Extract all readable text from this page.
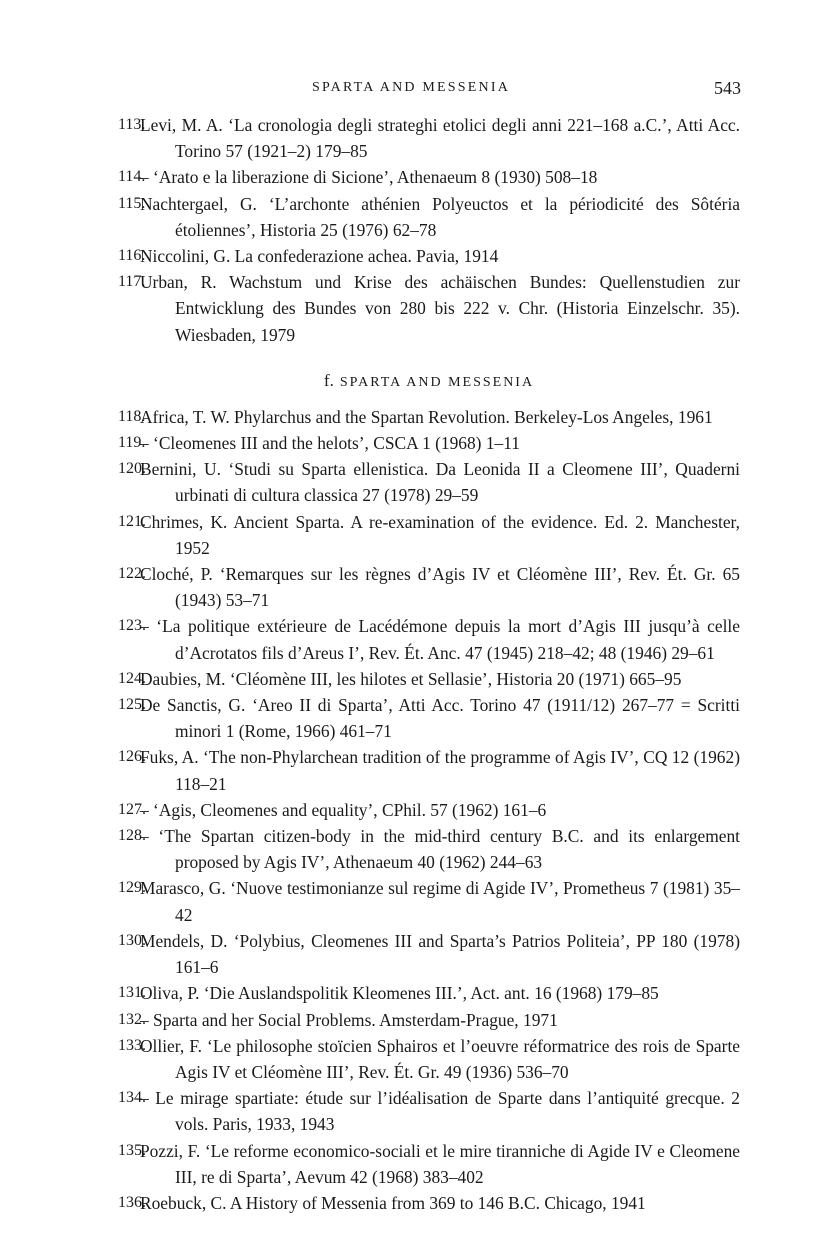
SPARTA AND MESSENIA	543
113.
Levi, M. A. ‘La cronologia degli strateghi etolici degli anni 221–168 a.C.’, Atti Acc. Torino 57 (1921–2) 179–85
114.
– ‘Arato e la liberazione di Sicione’, Athenaeum 8 (1930) 508–18
115.
Nachtergael, G. ‘L’archonte athénien Polyeuctos et la périodicité des Sôtéria étoliennes’, Historia 25 (1976) 62–78
116.
Niccolini, G. La confederazione achea. Pavia, 1914
117.
Urban, R. Wachstum und Krise des achäischen Bundes: Quellenstudien zur Entwicklung des Bundes von 280 bis 222 v. Chr. (Historia Einzelschr. 35). Wiesbaden, 1979
f. SPARTA AND MESSENIA
118.
Africa, T. W. Phylarchus and the Spartan Revolution. Berkeley-Los Angeles, 1961
119.
– ‘Cleomenes III and the helots’, CSCA 1 (1968) 1–11
120.
Bernini, U. ‘Studi su Sparta ellenistica. Da Leonida II a Cleomene III’, Quaderni urbinati di cultura classica 27 (1978) 29–59
121.
Chrimes, K. Ancient Sparta. A re-examination of the evidence. Ed. 2. Manchester, 1952
122.
Cloché, P. ‘Remarques sur les règnes d’Agis IV et Cléomène III’, Rev. Ét. Gr. 65 (1943) 53–71
123.
– ‘La politique extérieure de Lacédémone depuis la mort d’Agis III jusqu’à celle d’Acrotatos fils d’Areus I’, Rev. Ét. Anc. 47 (1945) 218–42; 48 (1946) 29–61
124.
Daubies, M. ‘Cléomène III, les hilotes et Sellasie’, Historia 20 (1971) 665–95
125.
De Sanctis, G. ‘Areo II di Sparta’, Atti Acc. Torino 47 (1911/12) 267–77 = Scritti minori 1 (Rome, 1966) 461–71
126.
Fuks, A. ‘The non-Phylarchean tradition of the programme of Agis IV’, CQ 12 (1962) 118–21
127.
– ‘Agis, Cleomenes and equality’, CPhil. 57 (1962) 161–6
128.
– ‘The Spartan citizen-body in the mid-third century B.C. and its enlargement proposed by Agis IV’, Athenaeum 40 (1962) 244–63
129.
Marasco, G. ‘Nuove testimonianze sul regime di Agide IV’, Prometheus 7 (1981) 35–42
130.
Mendels, D. ‘Polybius, Cleomenes III and Sparta’s Patrios Politeia’, PP 180 (1978) 161–6
131.
Oliva, P. ‘Die Auslandspolitik Kleomenes III.’, Act. ant. 16 (1968) 179–85
132.
– Sparta and her Social Problems. Amsterdam-Prague, 1971
133.
Ollier, F. ‘Le philosophe stoïcien Sphairos et l’oeuvre réformatrice des rois de Sparte Agis IV et Cléomène III’, Rev. Ét. Gr. 49 (1936) 536–70
134.
– Le mirage spartiate: étude sur l’idéalisation de Sparte dans l’antiquité grecque. 2 vols. Paris, 1933, 1943
135.
Pozzi, F. ‘Le reforme economico-sociali et le mire tiranniche di Agide IV e Cleomene III, re di Sparta’, Aevum 42 (1968) 383–402
136.
Roebuck, C. A History of Messenia from 369 to 146 B.C. Chicago, 1941
